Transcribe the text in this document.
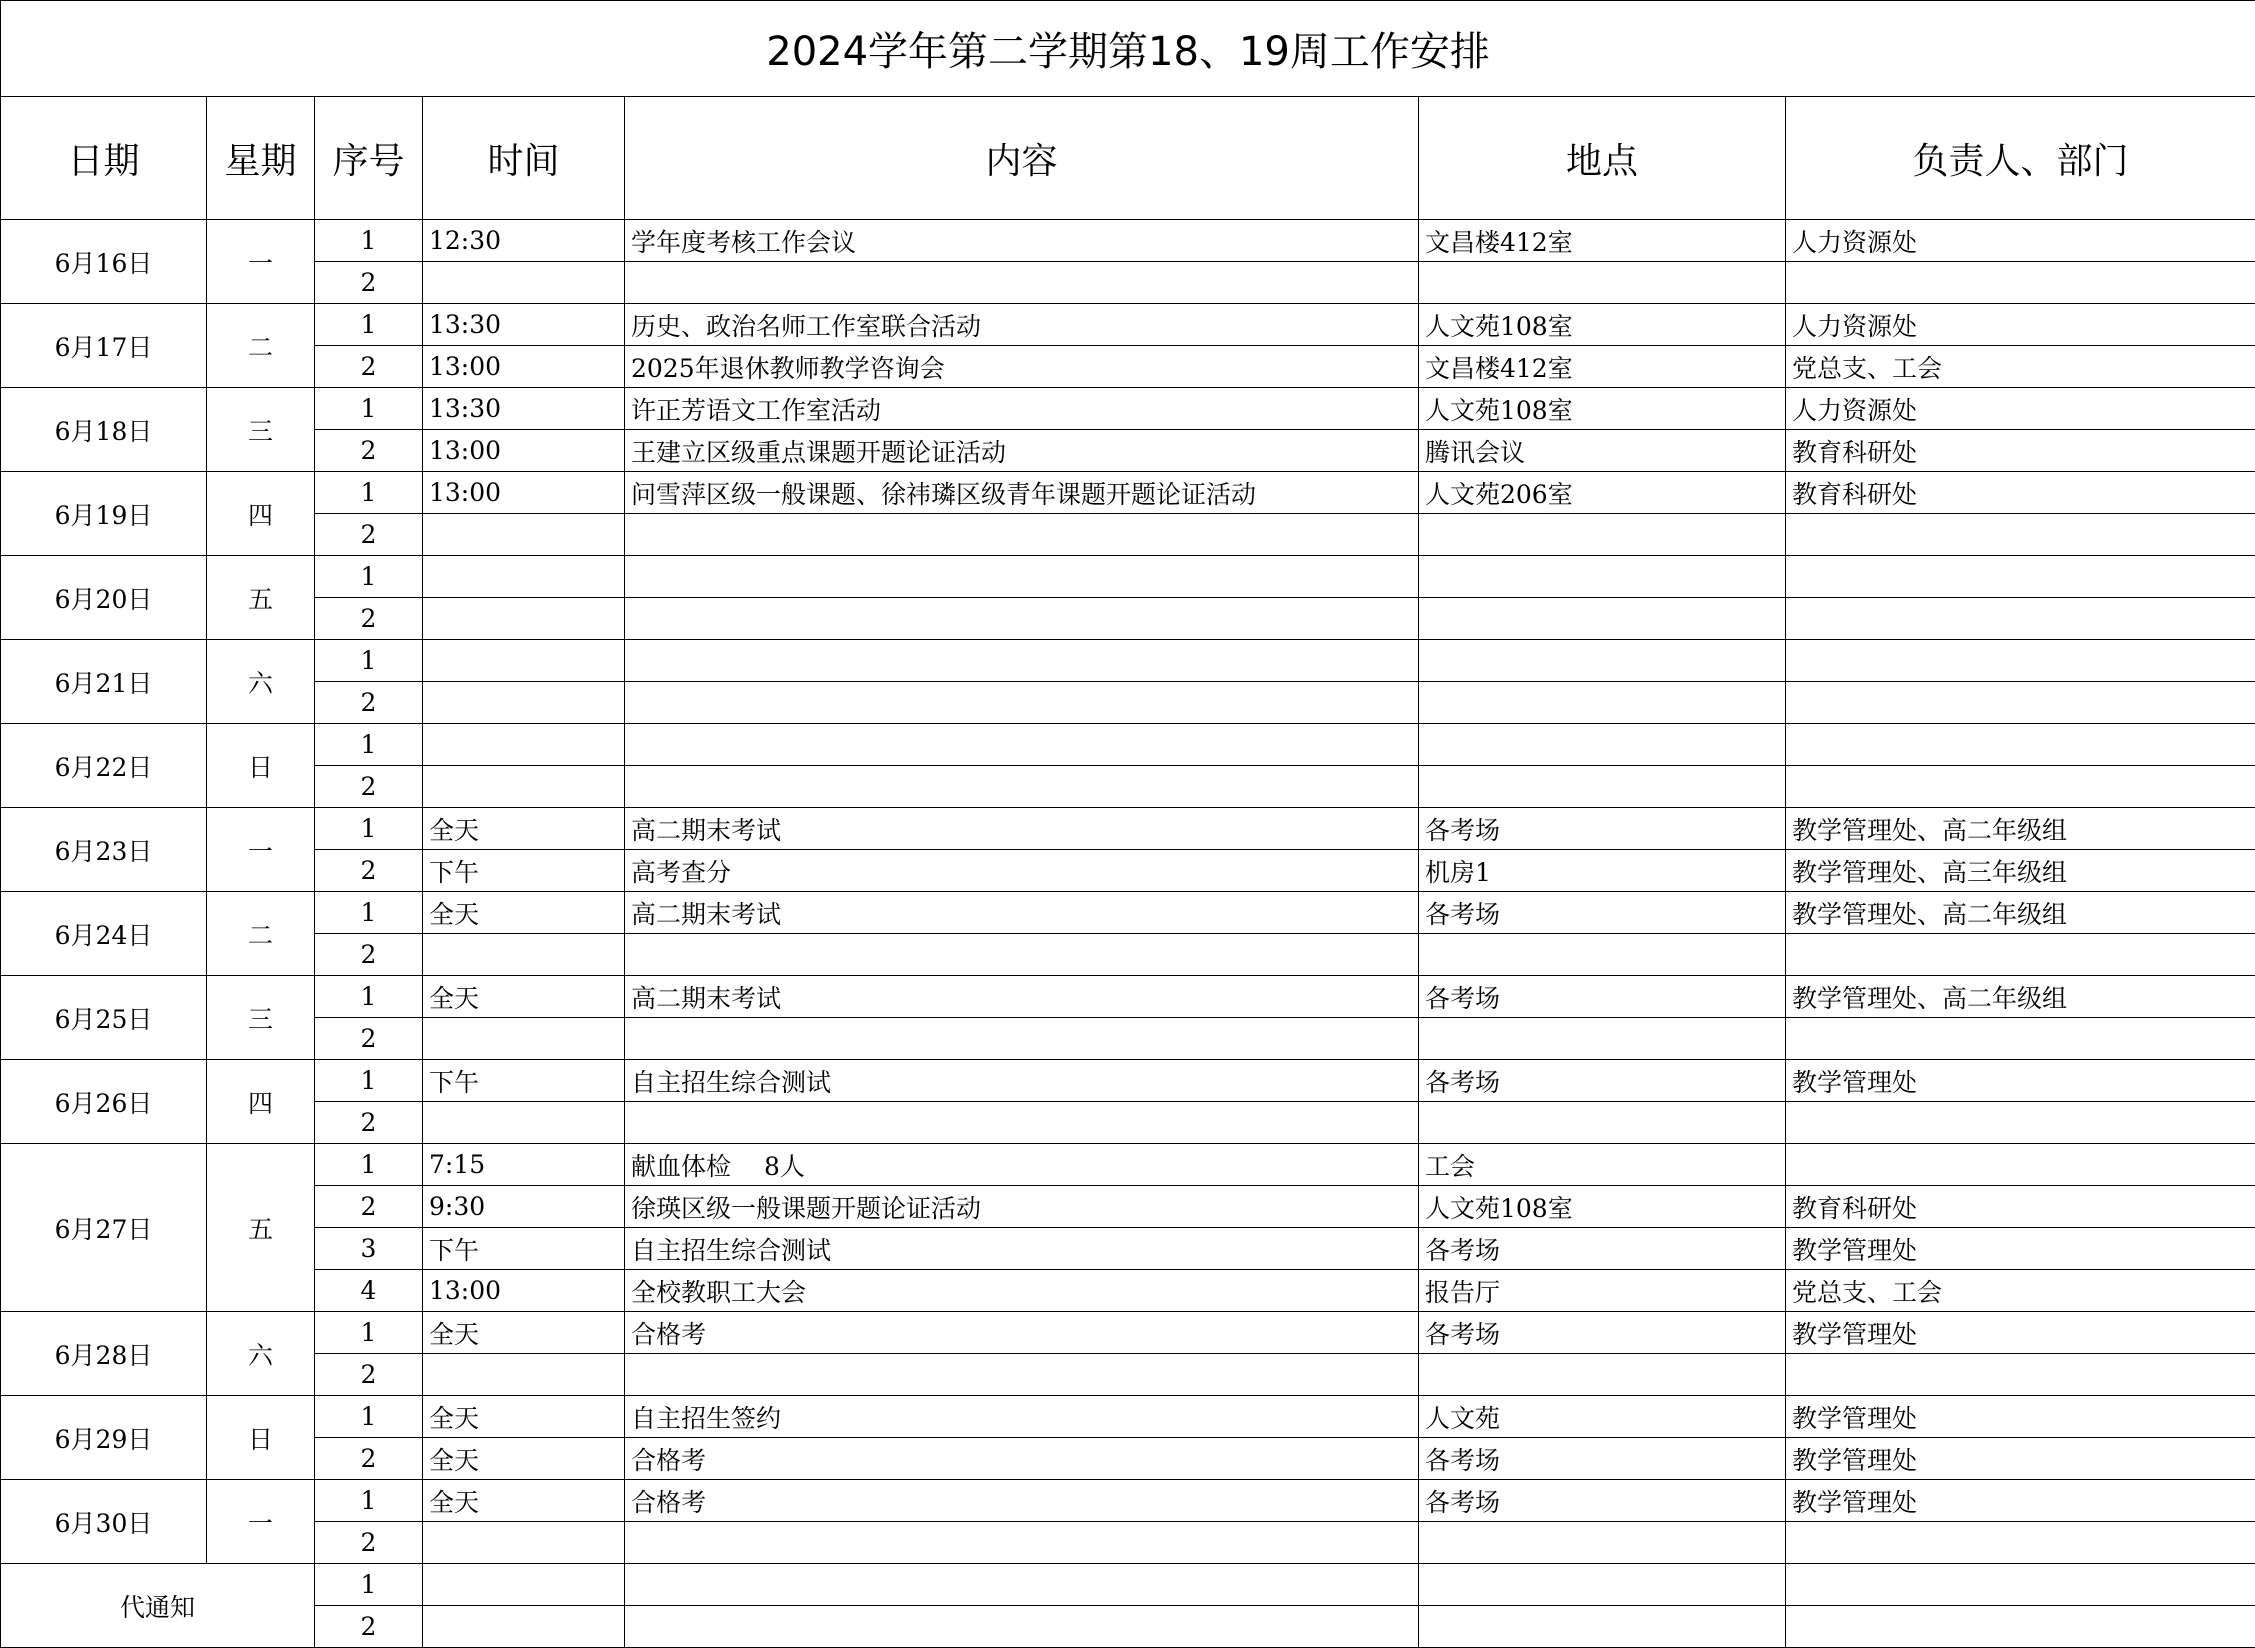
2024学年第二学期第18、19周工作安排						
日期	星期	序号	时间	内容	地点	负责人、部门
6月16日	一	1	12:30	学年度考核工作会议	文昌楼412室	人力资源处
		2				
6月17日	二	1	13:30	历史、政治名师工作室联合活动	人文苑108室	人力资源处
		2	13:00	2025年退休教师教学咨询会	文昌楼412室	党总支、工会
6月18日	三	1	13:30	许正芳语文工作室活动	人文苑108室	人力资源处
		2	13:00	王建立区级重点课题开题论证活动	腾讯会议	教育科研处
6月19日	四	1	13:00	问雪萍区级一般课题、徐祎璘区级青年课题开题论证活动	人文苑206室	教育科研处
		2				
6月20日	五	1				
		2				
6月21日	六	1				
		2				
6月22日	日	1				
		2				
6月23日	一	1	全天	高二期末考试	各考场	教学管理处、高二年级组
		2	下午	高考查分	机房1	教学管理处、高三年级组
6月24日	二	1	全天	高二期末考试	各考场	教学管理处、高二年级组
		2				
6月25日	三	1	全天	高二期末考试	各考场	教学管理处、高二年级组
		2				
6月26日	四	1	下午	自主招生综合测试	各考场	教学管理处
		2				
6月27日	五	1	7:15	献血体检　 8人	工会	
		2	9:30	徐瑛区级一般课题开题论证活动	人文苑108室	教育科研处
		3	下午	自主招生综合测试	各考场	教学管理处
		4	13:00	全校教职工大会	报告厅	党总支、工会
6月28日	六	1	全天	合格考	各考场	教学管理处
		2				
6月29日	日	1	全天	自主招生签约	人文苑	教学管理处
		2	全天	合格考	各考场	教学管理处
6月30日	一	1	全天	合格考	各考场	教学管理处
		2				
代通知		1				
		2				
